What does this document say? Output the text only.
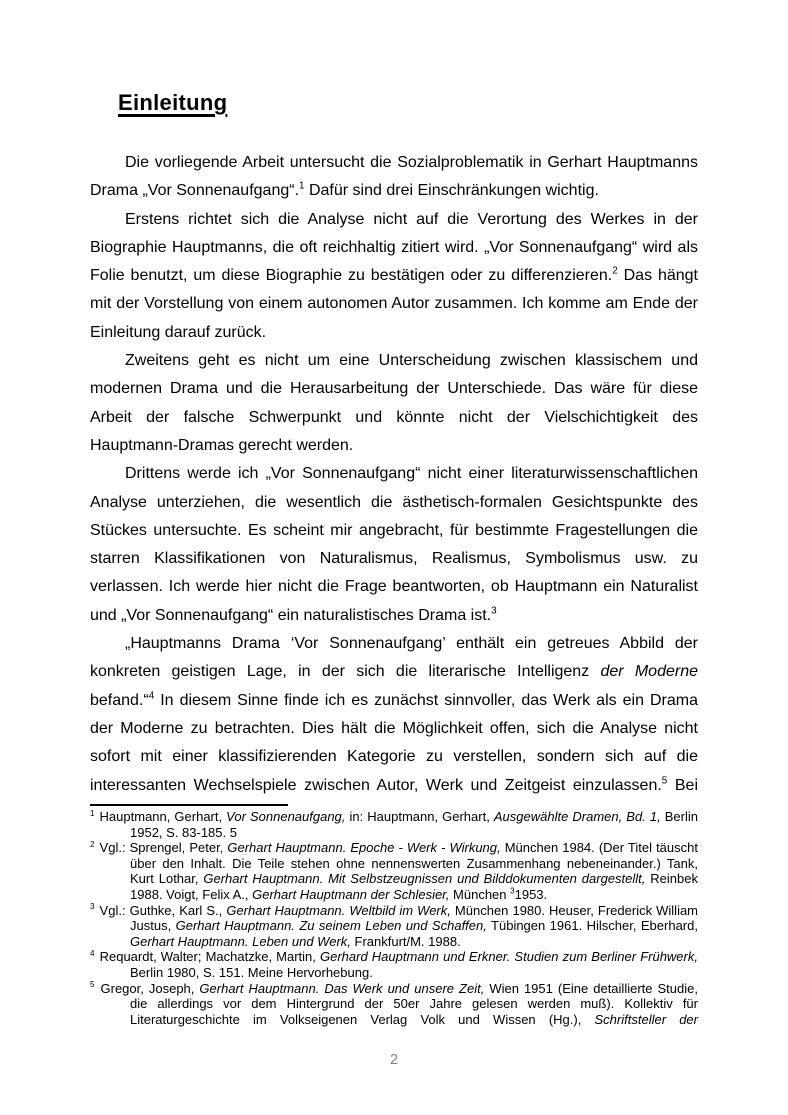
Einleitung

Die vorliegende Arbeit untersucht die Sozialproblematik in Gerhart Hauptmanns Drama „Vor Sonnenaufgang“.$^1$ Dafür sind drei Einschränkungen wichtig.

Erstens richtet sich die Analyse nicht auf die Verortung des Werkes in der Biographie Hauptmanns, die oft reichhaltig zitiert wird. „Vor Sonnenaufgang“ wird als Folie benutzt, um diese Biographie zu bestätigen oder zu differenzieren.$^2$ Das hängt mit der Vorstellung von einem autonomen Autor zusammen. Ich komme am Ende der Einleitung darauf zurück.

Zweitens geht es nicht um eine Unterscheidung zwischen klassischem und modernen Drama und die Herausarbeitung der Unterschiede. Das wäre für diese Arbeit der falsche Schwerpunkt und könnte nicht der Vielschichtigkeit des Hauptmann-Dramas gerecht werden.

Drittens werde ich „Vor Sonnenaufgang“ nicht einer literaturwissenschaftlichen Analyse unterziehen, die wesentlich die ästhetisch-formalen Gesichtspunkte des Stückes untersuchte. Es scheint mir angebracht, für bestimmte Fragestellungen die starren Klassifikationen von Naturalismus, Realismus, Symbolismus usw. zu verlassen. Ich werde hier nicht die Frage beantworten, ob Hauptmann ein Naturalist und „Vor Sonnenaufgang“ ein naturalistisches Drama ist.$^3$

„Hauptmanns Drama ‘Vor Sonnenaufgang’ enthält ein getreues Abbild der konkreten geistigen Lage, in der sich die literarische Intelligenz der Moderne befand.“$^4$ In diesem Sinne finde ich es zunächst sinnvoller, das Werk als ein Drama der Moderne zu betrachten. Dies hält die Möglichkeit offen, sich die Analyse nicht sofort mit einer klassifizierenden Kategorie zu verstellen, sondern sich auf die interessanten Wechselspiele zwischen Autor, Werk und Zeitgeist einzulassen.$^5$ Bei

$^1$ Hauptmann, Gerhart, Vor Sonnenaufgang, in: Hauptmann, Gerhart, Ausgewählte Dramen, Bd. 1, Berlin 1952, S. 83-185. 5
$^2$ Vgl.: Sprengel, Peter, Gerhart Hauptmann. Epoche - Werk - Wirkung, München 1984. (Der Titel täuscht über den Inhalt. Die Teile stehen ohne nennenswerten Zusammenhang nebeneinander.) Tank, Kurt Lothar, Gerhart Hauptmann. Mit Selbstzeugnissen und Bilddokumenten dargestellt, Reinbek 1988. Voigt, Felix A., Gerhart Hauptmann der Schlesier, München $^3$1953.
$^3$ Vgl.: Guthke, Karl S., Gerhart Hauptmann. Weltbild im Werk, München 1980. Heuser, Frederick William Justus, Gerhart Hauptmann. Zu seinem Leben und Schaffen, Tübingen 1961. Hilscher, Eberhard, Gerhart Hauptmann. Leben und Werk, Frankfurt/M. 1988.
$^4$ Requardt, Walter; Machatzke, Martin, Gerhard Hauptmann und Erkner. Studien zum Berliner Frühwerk, Berlin 1980, S. 151. Meine Hervorhebung.
$^5$ Gregor, Joseph, Gerhart Hauptmann. Das Werk und unsere Zeit, Wien 1951 (Eine detaillierte Studie, die allerdings vor dem Hintergrund der 50er Jahre gelesen werden muß). Kollektiv für Literaturgeschichte im Volkseigenen Verlag Volk und Wissen (Hg.), Schriftsteller der
2
